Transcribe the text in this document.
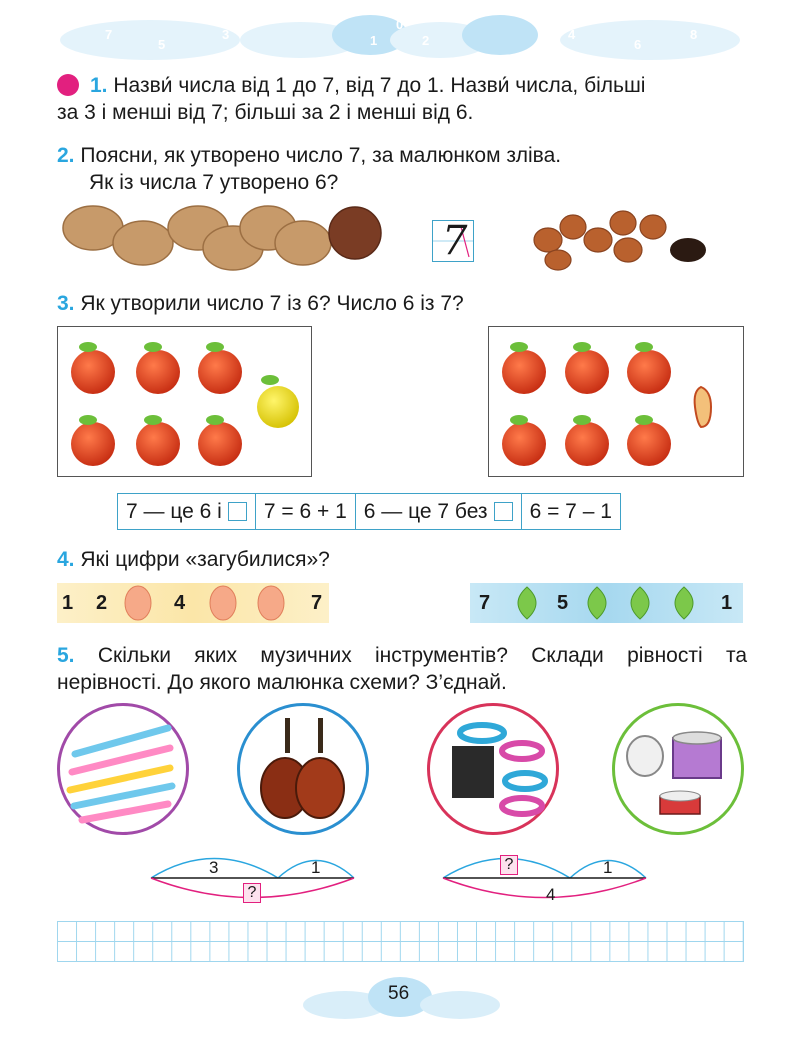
7
5
3	1
0
2	4
6
8
1. Назви́ числа від 1 до 7, від 7 до 1. Назви́ числа, більші
за 3 і менші від 7; більші за 2 і менші від 6.
2. Поясни, як утворено число 7, за малюнком зліва.
Як із числа 7 утворено 6?
7
3. Як утворили число 7 із 6? Число 6 із 7?
7 — це 6 і 7 = 6 + 1 6 — це 7 без 6 = 7 – 1
4. Які цифри «загубилися»?
1 2	4	7	7	5	1
5. Скільки яких музичних інструментів? Склади рівності та
нерівності. До якого малюнка схеми? З’єднай.
3	1
?
?	1
4
56
